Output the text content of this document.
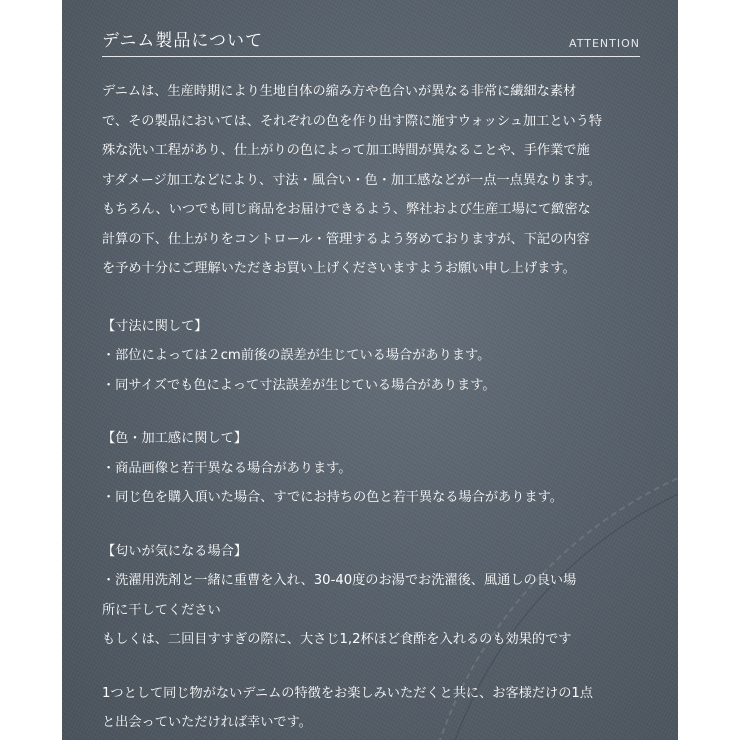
デニム製品について	ATTENTION
デニムは、生産時期により生地自体の縮み方や色合いが異なる非常に繊細な素材
で、その製品においては、それぞれの色を作り出す際に施すウォッシュ加工という特
殊な洗い工程があり、仕上がりの色によって加工時間が異なることや、手作業で施
すダメージ加工などにより、寸法・風合い・色・加工感などが一点一点異なります。
もちろん、いつでも同じ商品をお届けできるよう、弊社および生産工場にて緻密な
計算の下、仕上がりをコントロール・管理するよう努めておりますが、下記の内容
を予め十分にご理解いただきお買い上げくださいますようお願い申し上げます。
【寸法に関して】
・部位によっては２cm前後の誤差が生じている場合があります。
・同サイズでも色によって寸法誤差が生じている場合があります。
【色・加工感に関して】
・商品画像と若干異なる場合があります。
・同じ色を購入頂いた場合、すでにお持ちの色と若干異なる場合があります。
【匂いが気になる場合】
・洗濯用洗剤と一緒に重曹を入れ、30-40度のお湯でお洗濯後、風通しの良い場
所に干してください
もしくは、二回目すすぎの際に、大さじ1,2杯ほど食酢を入れるのも効果的です
1つとして同じ物がないデニムの特徴をお楽しみいただくと共に、お客様だけの1点
と出会っていただければ幸いです。
